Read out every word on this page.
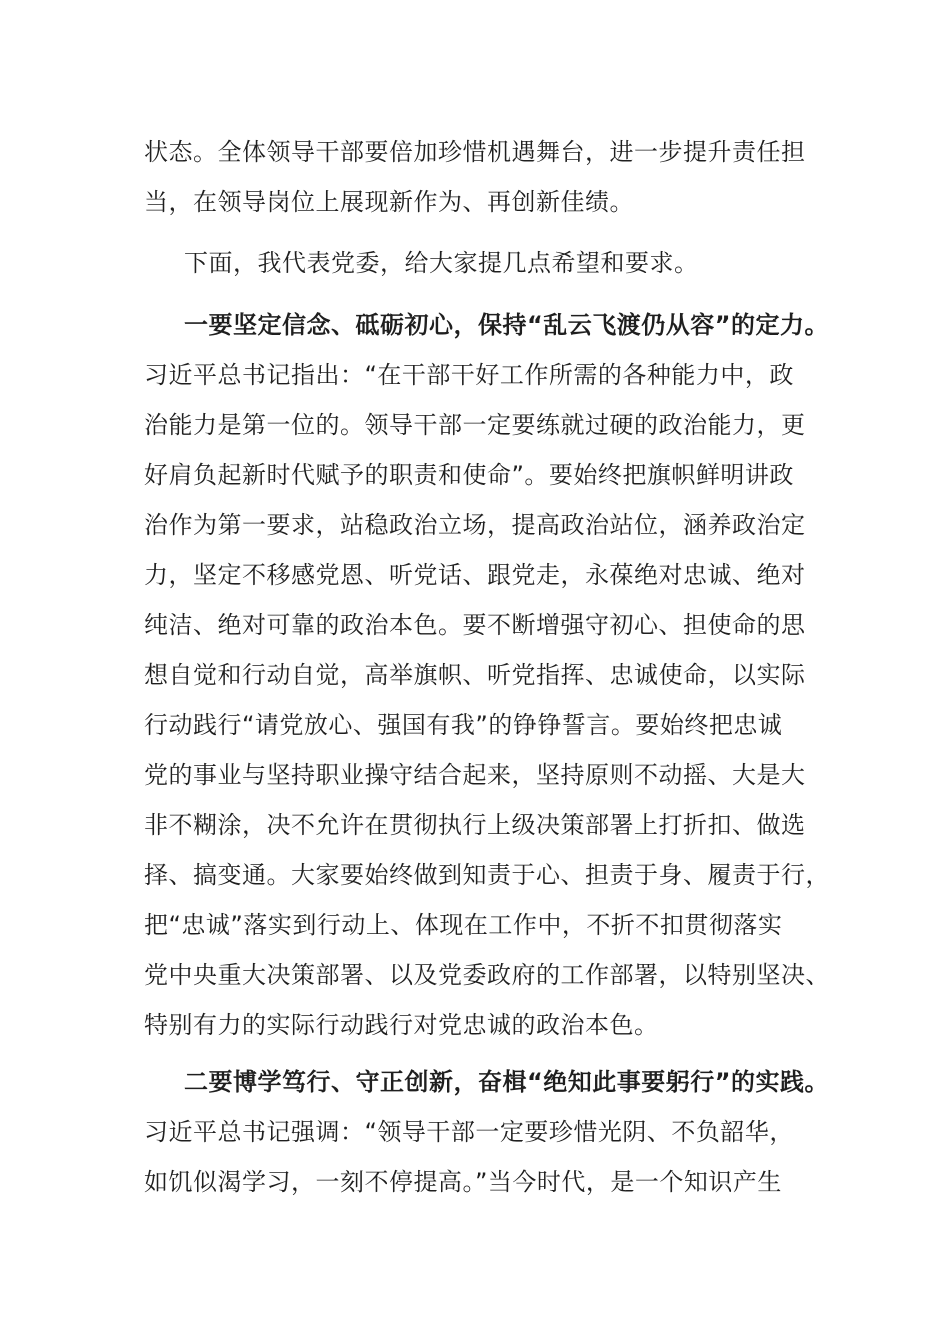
状态。全体领导干部要倍加珍惜机遇舞台，进一步提升责任担
当，在领导岗位上展现新作为、再创新佳绩。
下面，我代表党委，给大家提几点希望和要求。
一要坚定信念、砥砺初心，保持“乱云飞渡仍从容”的定力。
习近平总书记指出：“在干部干好工作所需的各种能力中，政
治能力是第一位的。领导干部一定要练就过硬的政治能力，更
好肩负起新时代赋予的职责和使命”。要始终把旗帜鲜明讲政
治作为第一要求，站稳政治立场，提高政治站位，涵养政治定
力，坚定不移感党恩、听党话、跟党走，永葆绝对忠诚、绝对
纯洁、绝对可靠的政治本色。要不断增强守初心、担使命的思
想自觉和行动自觉，高举旗帜、听党指挥、忠诚使命，以实际
行动践行“请党放心、强国有我”的铮铮誓言。要始终把忠诚
党的事业与坚持职业操守结合起来，坚持原则不动摇、大是大
非不糊涂，决不允许在贯彻执行上级决策部署上打折扣、做选
择、搞变通。大家要始终做到知责于心、担责于身、履责于行，
把“忠诚”落实到行动上、体现在工作中，不折不扣贯彻落实
党中央重大决策部署、以及党委政府的工作部署，以特别坚决、
特别有力的实际行动践行对党忠诚的政治本色。
二要博学笃行、守正创新，奋楫“绝知此事要躬行”的实践。
习近平总书记强调：“领导干部一定要珍惜光阴、不负韶华，
如饥似渴学习，一刻不停提高。”当今时代，是一个知识产生
